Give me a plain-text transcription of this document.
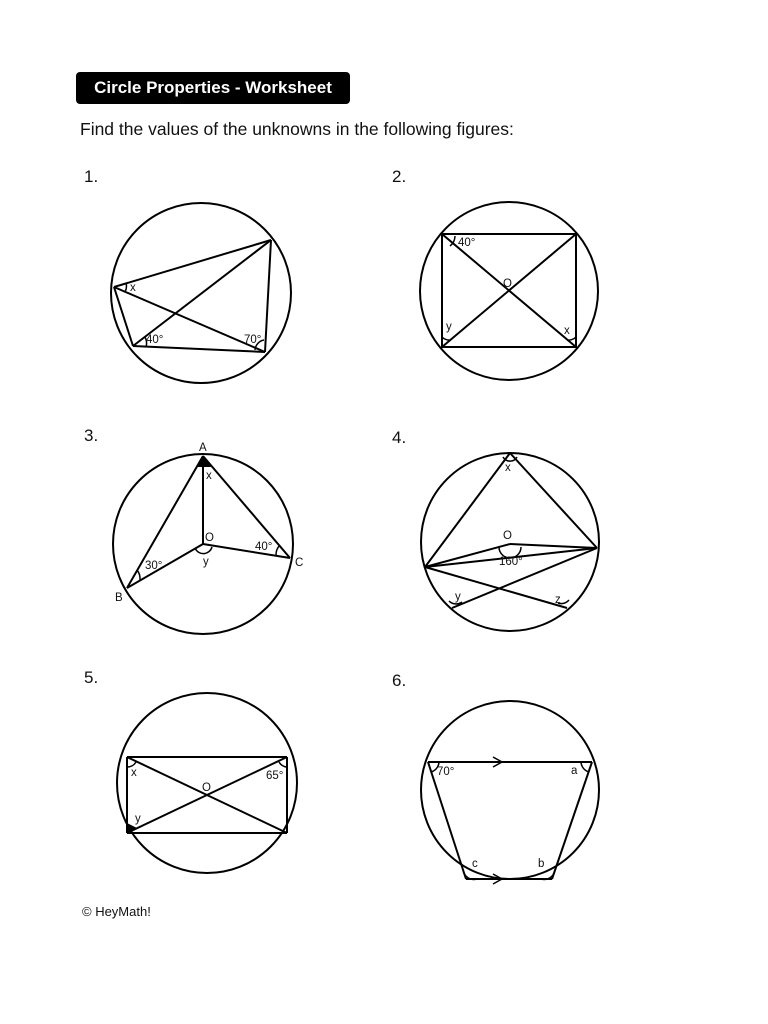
Circle Properties - Worksheet
Find the values of the unknowns in the following figures:
1.	2.
3.	4.
5.	6.
x
40°	70°
40°
O
y	x
A
x
O
40°
C
30°	y
B
x
O
160°
y	z
x
O
65°
y
70°	a
c	b
© HeyMath!
